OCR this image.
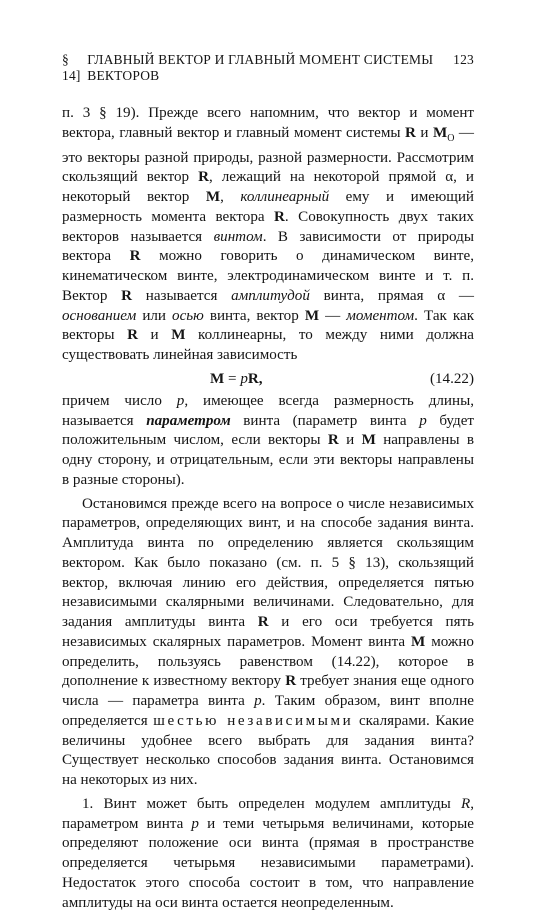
§ 14]
ГЛАВНЫЙ ВЕКТОР И ГЛАВНЫЙ МОМЕНТ СИСТЕМЫ ВЕКТОРОВ
123

п. 3 § 19). Прежде всего напомним, что вектор и момент вектора, главный вектор и главный момент системы R и $M_O$ — это векторы разной природы, разной размерности. Рассмотрим скользящий вектор R, лежащий на некоторой прямой α, и некоторый вектор M, коллинеарный ему и имеющий размерность момента вектора R. Совокупность двух таких векторов называется винтом. В зависимости от природы вектора R можно говорить о динамическом винте, кинематическом винте, электродинамическом винте и т. п. Вектор R называется амплитудой винта, прямая α — основанием или осью винта, вектор M — моментом. Так как векторы R и M коллинеарны, то между ними должна существовать линейная зависимость

M = pR,	(14.22)

причем число p, имеющее всегда размерность длины, называется параметром винта (параметр винта p будет положительным числом, если векторы R и M направлены в одну сторону, и отрицательным, если эти векторы направлены в разные стороны).

Остановимся прежде всего на вопросе о числе независимых параметров, определяющих винт, и на способе задания винта. Амплитуда винта по определению является скользящим вектором. Как было показано (см. п. 5 § 13), скользящий вектор, включая линию его действия, определяется пятью независимыми скалярными величинами. Следовательно, для задания амплитуды винта R и его оси требуется пять независимых скалярных параметров. Момент винта M можно определить, пользуясь равенством (14.22), которое в дополнение к известному вектору R требует знания еще одного числа — параметра винта p. Таким образом, винт вполне определяется шестью независимыми скалярами. Какие величины удобнее всего выбрать для задания винта? Существует несколько способов задания винта. Остановимся на некоторых из них.

1. Винт может быть определен модулем амплитуды R, параметром винта p и теми четырьмя величинами, которые определяют положение оси винта (прямая в пространстве определяется четырьмя независимыми параметрами). Недостаток этого способа состоит в том, что направление амплитуды на оси винта остается неопределенным.
